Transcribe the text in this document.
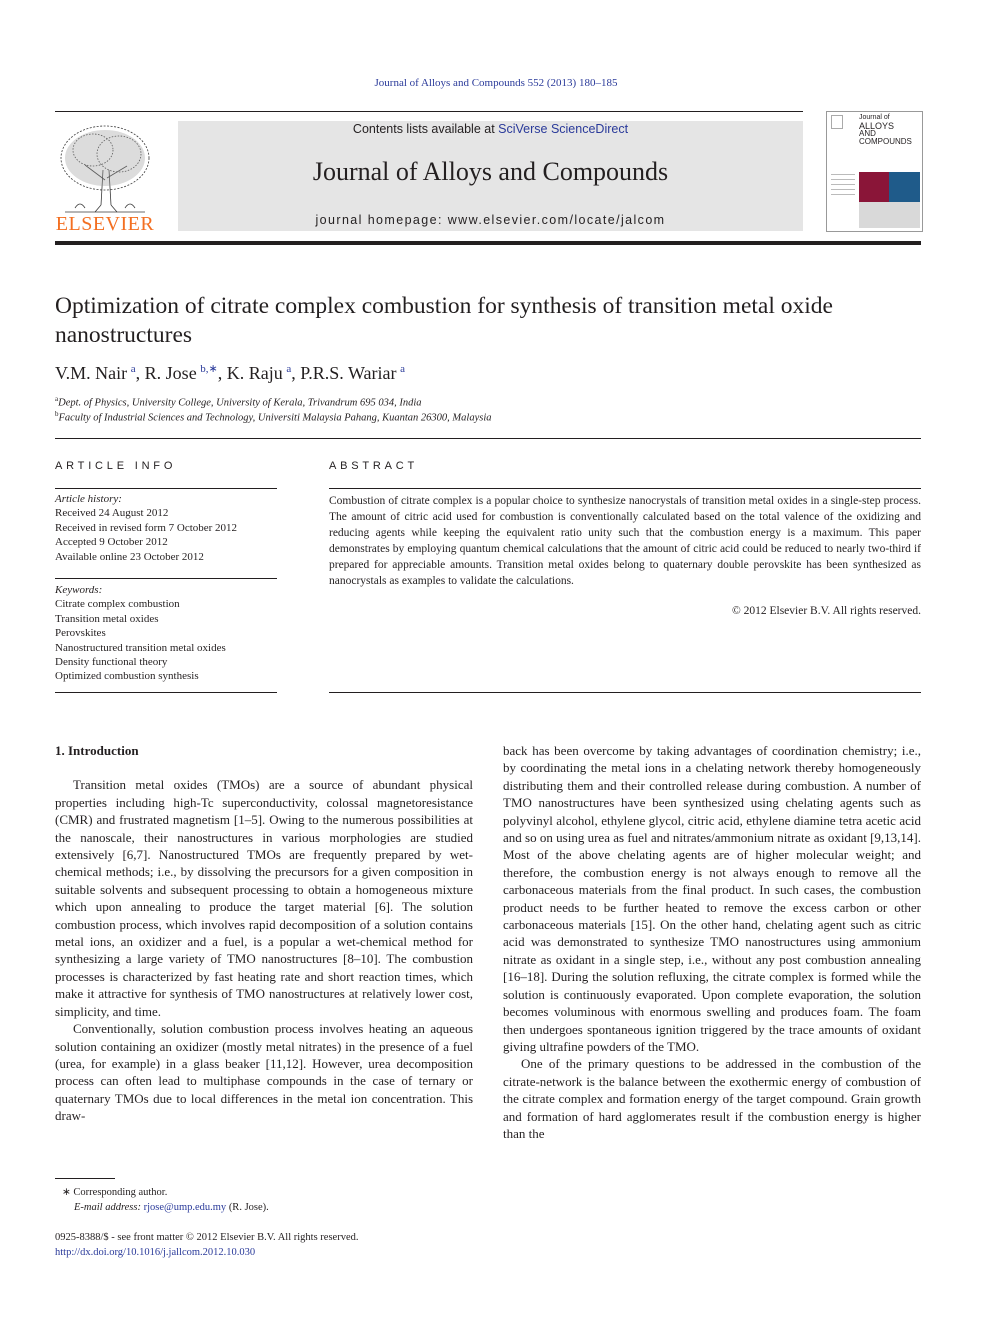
Journal of Alloys and Compounds 552 (2013) 180–185
ELSEVIER
Contents lists available at SciVerse ScienceDirect
Journal of Alloys and Compounds
journal homepage: www.elsevier.com/locate/jalcom
Journal of
ALLOYS
AND COMPOUNDS
Optimization of citrate complex combustion for synthesis of transition metal oxide nanostructures
V.M. Nair  $^a$, R. Jose  $^{b,∗}$, K. Raju  $^a$, P.R.S. Wariar  $^a$
$^a$Dept. of Physics, University College, University of Kerala, Trivandrum 695 034, India
$^b$Faculty of Industrial Sciences and Technology, Universiti Malaysia Pahang, Kuantan 26300, Malaysia
ARTICLE INFO
Article history:
Received 24 August 2012
Received in revised form 7 October 2012
Accepted 9 October 2012
Available online 23 October 2012
Keywords:
Citrate complex combustion
Transition metal oxides
Perovskites
Nanostructured transition metal oxides
Density functional theory
Optimized combustion synthesis
ABSTRACT
Combustion of citrate complex is a popular choice to synthesize nanocrystals of transition metal oxides in a single-step process. The amount of citric acid used for combustion is conventionally calculated based on the total valence of the oxidizing and reducing agents while keeping the equivalent ratio unity such that the combustion energy is a maximum. This paper demonstrates by employing quantum chemical calculations that the amount of citric acid could be reduced to nearly two-third if prepared for appreciable amounts. Transition metal oxides belong to quaternary double perovskite has been synthesized as nanocrystals as examples to validate the calculations.
© 2012 Elsevier B.V. All rights reserved.
1. Introduction

Transition metal oxides (TMOs) are a source of abundant physical properties including high-Tc superconductivity, colossal magnetoresistance (CMR) and frustrated magnetism [1–5]. Owing to the numerous possibilities at the nanoscale, their nanostructures in various morphologies are studied extensively [6,7]. Nanostructured TMOs are frequently prepared by wet-chemical methods; i.e., by dissolving the precursors for a given composition in suitable solvents and subsequent processing to obtain a homogeneous mixture which upon annealing to produce the target material [6]. The solution combustion process, which involves rapid decomposition of a solution contains metal ions, an oxidizer and a fuel, is a popular a wet-chemical method for synthesizing a large variety of TMO nanostructures [8–10]. The combustion processes is characterized by fast heating rate and short reaction times, which make it attractive for synthesis of TMO nanostructures at relatively lower cost, simplicity, and time.

Conventionally, solution combustion process involves heating an aqueous solution containing an oxidizer (mostly metal nitrates) in the presence of a fuel (urea, for example) in a glass beaker [11,12]. However, urea decomposition process can often lead to multiphase compounds in the case of ternary or quaternary TMOs due to local differences in the metal ion concentration. This draw-

back has been overcome by taking advantages of coordination chemistry; i.e., by coordinating the metal ions in a chelating network thereby homogeneously distributing them and their controlled release during combustion. A number of TMO nanostructures have been synthesized using chelating agents such as polyvinyl alcohol, ethylene glycol, citric acid, ethylene diamine tetra acetic acid and so on using urea as fuel and nitrates/ammonium nitrate as oxidant [9,13,14]. Most of the above chelating agents are of higher molecular weight; and therefore, the combustion energy is not always enough to remove all the carbonaceous materials from the final product. In such cases, the combustion product needs to be further heated to remove the excess carbon or other carbonaceous materials [15]. On the other hand, chelating agent such as citric acid was demonstrated to synthesize TMO nanostructures using ammonium nitrate as oxidant in a single step, i.e., without any post combustion annealing [16–18]. During the solution refluxing, the citrate complex is formed while the solution is continuously evaporated. Upon complete evaporation, the solution becomes voluminous with enormous swelling and produces foam. The foam then undergoes spontaneous ignition triggered by the trace amounts of oxidant giving ultrafine powders of the TMO.

One of the primary questions to be addressed in the combustion of the citrate-network is the balance between the exothermic energy of combustion of the citrate complex and formation energy of the target compound. Grain growth and formation of hard agglomerates result if the combustion energy is higher than the

∗ Corresponding author.
E-mail address: rjose@ump.edu.my (R. Jose).
0925-8388/$ - see front matter © 2012 Elsevier B.V. All rights reserved.
http://dx.doi.org/10.1016/j.jallcom.2012.10.030
